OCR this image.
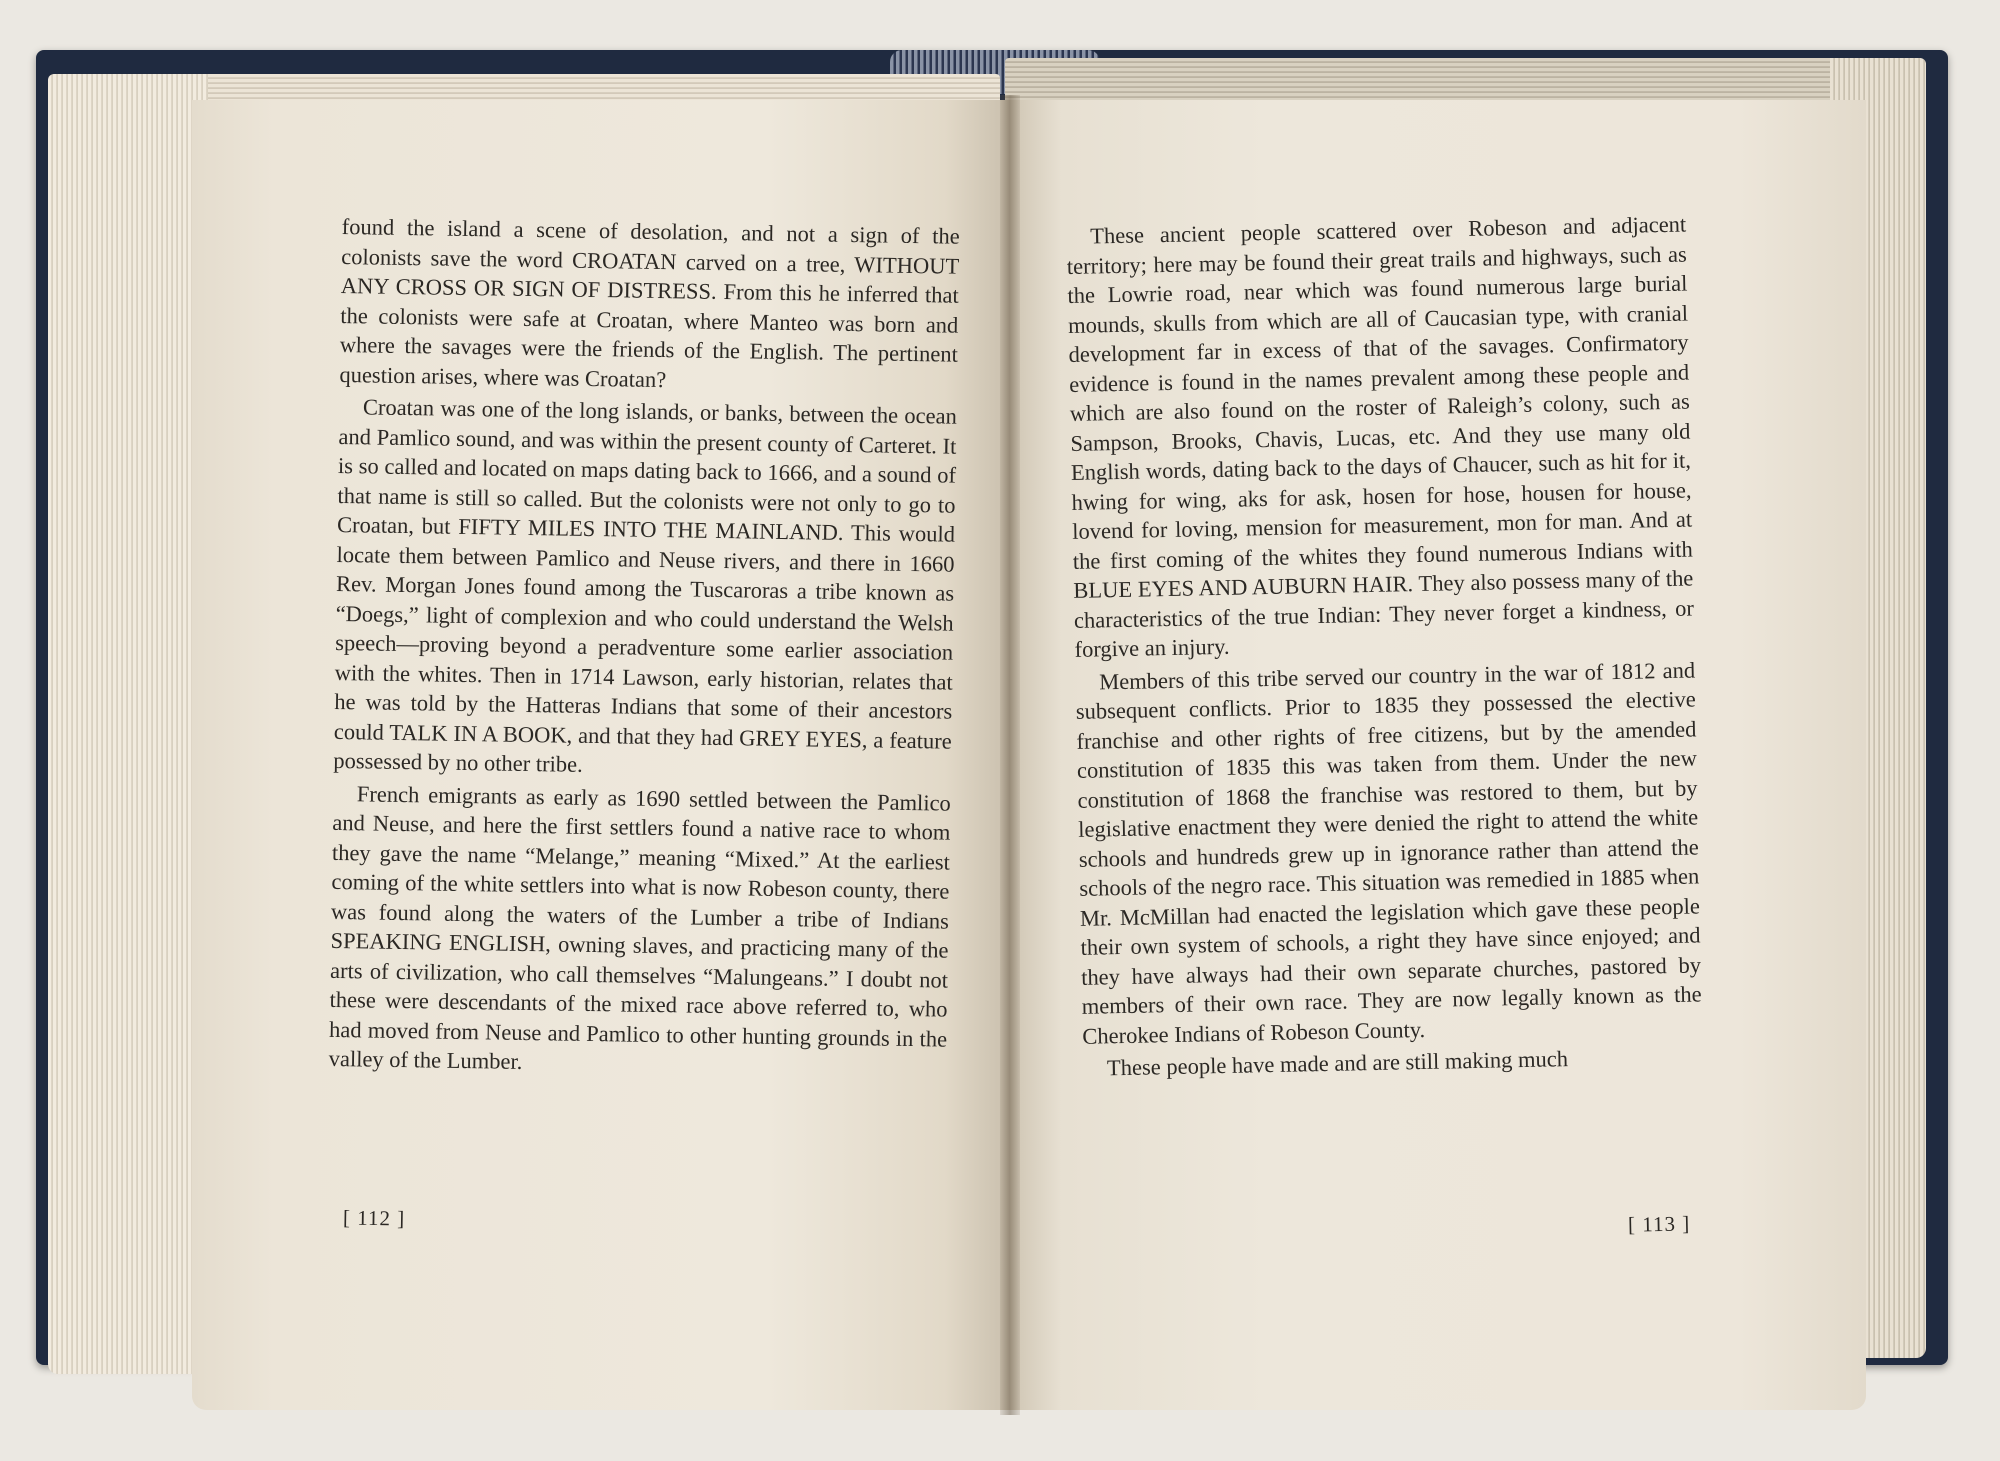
found the island a scene of desolation, and not a sign of the colonists save the word CROATAN carved on a tree, WITHOUT ANY CROSS OR SIGN OF DISTRESS. From this he inferred that the colonists were safe at Croatan, where Manteo was born and where the savages were the friends of the English. The pertinent question arises, where was Croatan?

Croatan was one of the long islands, or banks, between the ocean and Pamlico sound, and was within the present county of Carteret. It is so called and located on maps dating back to 1666, and a sound of that name is still so called. But the colonists were not only to go to Croatan, but FIFTY MILES INTO THE MAINLAND. This would locate them between Pamlico and Neuse rivers, and there in 1660 Rev. Morgan Jones found among the Tuscaroras a tribe known as “Doegs,” light of complexion and who could understand the Welsh speech—proving beyond a peradventure some earlier association with the whites. Then in 1714 Lawson, early historian, relates that he was told by the Hatteras Indians that some of their ancestors could TALK IN A BOOK, and that they had GREY EYES, a feature possessed by no other tribe.

French emigrants as early as 1690 settled between the Pamlico and Neuse, and here the first settlers found a native race to whom they gave the name “Melange,” meaning “Mixed.” At the earliest coming of the white settlers into what is now Robeson county, there was found along the waters of the Lumber a tribe of Indians SPEAKING ENGLISH, owning slaves, and practicing many of the arts of civilization, who call themselves “Malungeans.” I doubt not these were descendants of the mixed race above referred to, who had moved from Neuse and Pamlico to other hunting grounds in the valley of the Lumber.

[ 112 ]

These ancient people scattered over Robeson and adjacent territory; here may be found their great trails and highways, such as the Lowrie road, near which was found numerous large burial mounds, skulls from which are all of Caucasian type, with cranial development far in excess of that of the savages. Confirmatory evidence is found in the names prevalent among these people and which are also found on the roster of Raleigh’s colony, such as Sampson, Brooks, Chavis, Lucas, etc. And they use many old English words, dating back to the days of Chaucer, such as hit for it, hwing for wing, aks for ask, hosen for hose, housen for house, lovend for loving, mension for measurement, mon for man. And at the first coming of the whites they found numerous Indians with BLUE EYES AND AUBURN HAIR. They also possess many of the characteristics of the true Indian: They never forget a kindness, or forgive an injury.

Members of this tribe served our country in the war of 1812 and subsequent conflicts. Prior to 1835 they possessed the elective franchise and other rights of free citizens, but by the amended constitution of 1835 this was taken from them. Under the new constitution of 1868 the franchise was restored to them, but by legislative enactment they were denied the right to attend the white schools and hundreds grew up in ignorance rather than attend the schools of the negro race. This situation was remedied in 1885 when Mr. McMillan had enacted the legislation which gave these people their own system of schools, a right they have since enjoyed; and they have always had their own separate churches, pastored by members of their own race. They are now legally known as the Cherokee Indians of Robeson County.

These people have made and are still making much

[ 113 ]
